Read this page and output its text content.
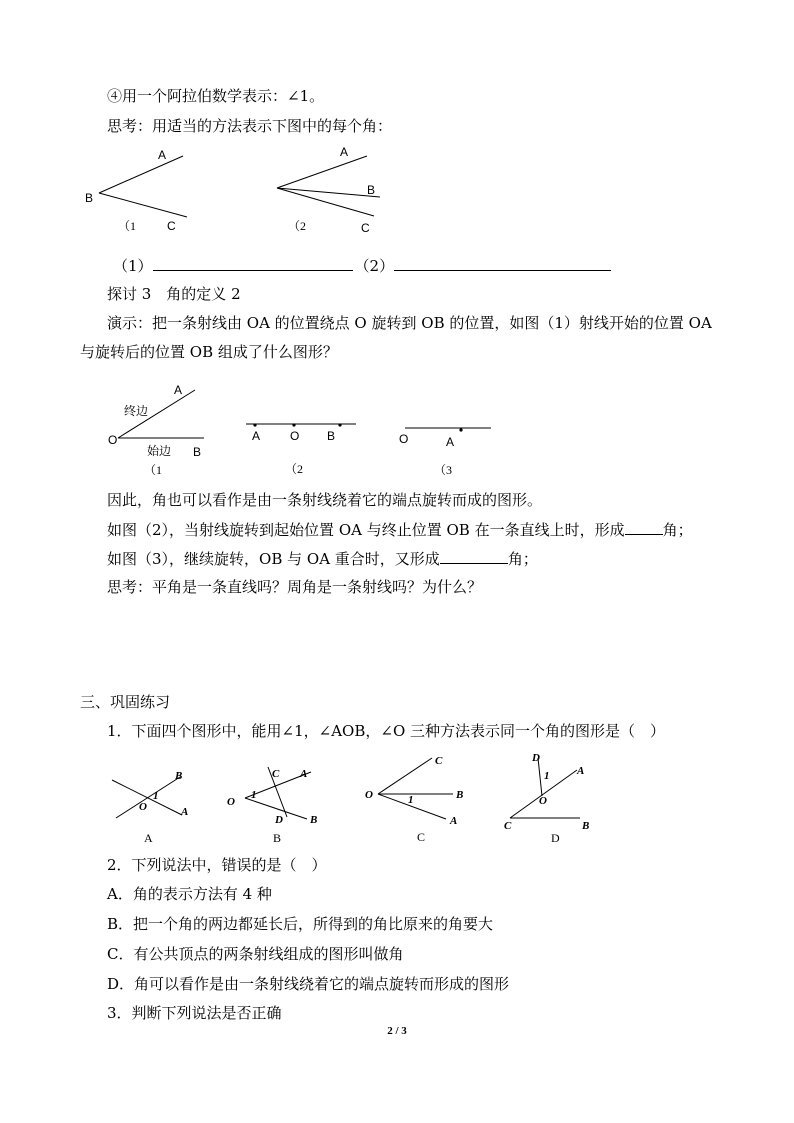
④用一个阿拉伯数学表示：∠1。
思考：用适当的方法表示下图中的每个角：
A
B
C
（1
A
B
C
（2
（1）	（2）
探讨 3　角的定义 2
演示：把一条射线由 OA 的位置绕点 O 旋转到 OB 的位置，如图（1）射线开始的位置 OA
与旋转后的位置 OB 组成了什么图形？
A
终边
O
始边 B
（1
A O B
（2
O	A
（3
因此，角也可以看作是由一条射线绕着它的端点旋转而成的图形。
如图（2），当射线旋转到起始位置 OA 与终止位置 OB 在一条直线上时，形成	角；
如图（3），继续旋转，OB 与 OA 重合时，又形成	角；
思考：平角是一条直线吗？周角是一条射线吗？为什么？
三、巩固练习
1．下面四个图形中，能用∠1，∠AOB，∠O 三种方法表示同一个角的图形是（　）
B
1
O	A
A
C A
1
O
D B
B
C
O	1	B
A
C
D
1	A
O
C	B
D
2．下列说法中，错误的是（　）
A．角的表示方法有 4 种
B．把一个角的两边都延长后，所得到的角比原来的角要大
C．有公共顶点的两条射线组成的图形叫做角
D．角可以看作是由一条射线绕着它的端点旋转而形成的图形
3．判断下列说法是否正确
2 / 3
